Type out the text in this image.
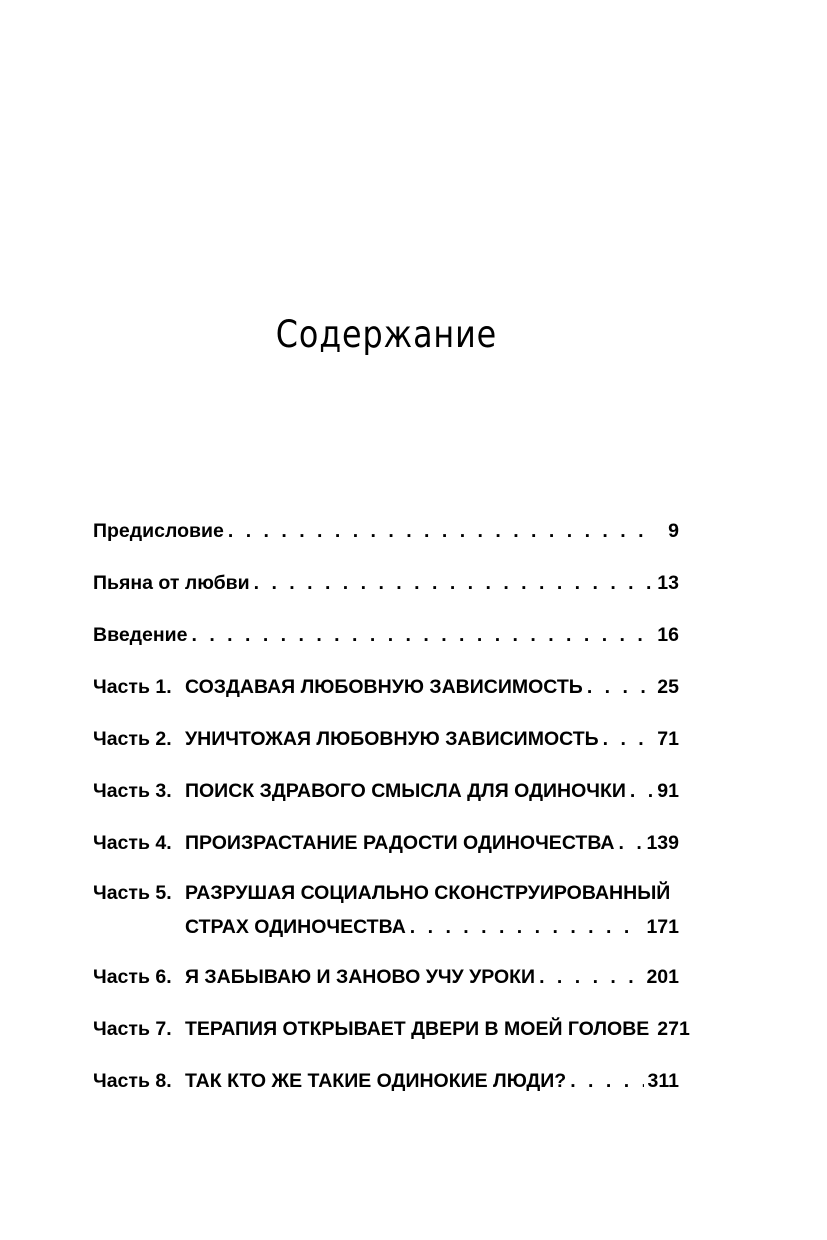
Содержание
Предисловие . . .	9
Пьяна от любви . . .	13
Введение . . .	16
Часть 1. СОЗДАВАЯ ЛЮБОВНУЮ ЗАВИСИМОСТЬ . . .	25
Часть 2. УНИЧТОЖАЯ ЛЮБОВНУЮ ЗАВИСИМОСТЬ . . .	71
Часть 3. ПОИСК ЗДРАВОГО СМЫСЛА ДЛЯ ОДИНОЧКИ . . . 91
Часть 4. ПРОИЗРАСТАНИЕ РАДОСТИ ОДИНОЧЕСТВА . . . 139
Часть 5. РАЗРУШАЯ СОЦИАЛЬНО СКОНСТРУИРОВАННЫЙ
СТРАХ ОДИНОЧЕСТВА . . .	171
Часть 6. Я ЗАБЫВАЮ И ЗАНОВО УЧУ УРОКИ . . .	201
Часть 7. ТЕРАПИЯ ОТКРЫВАЕТ ДВЕРИ В МОЕЙ ГОЛОВЕ 271
Часть 8. ТАК КТО ЖЕ ТАКИЕ ОДИНОКИЕ ЛЮДИ? . . .	311
